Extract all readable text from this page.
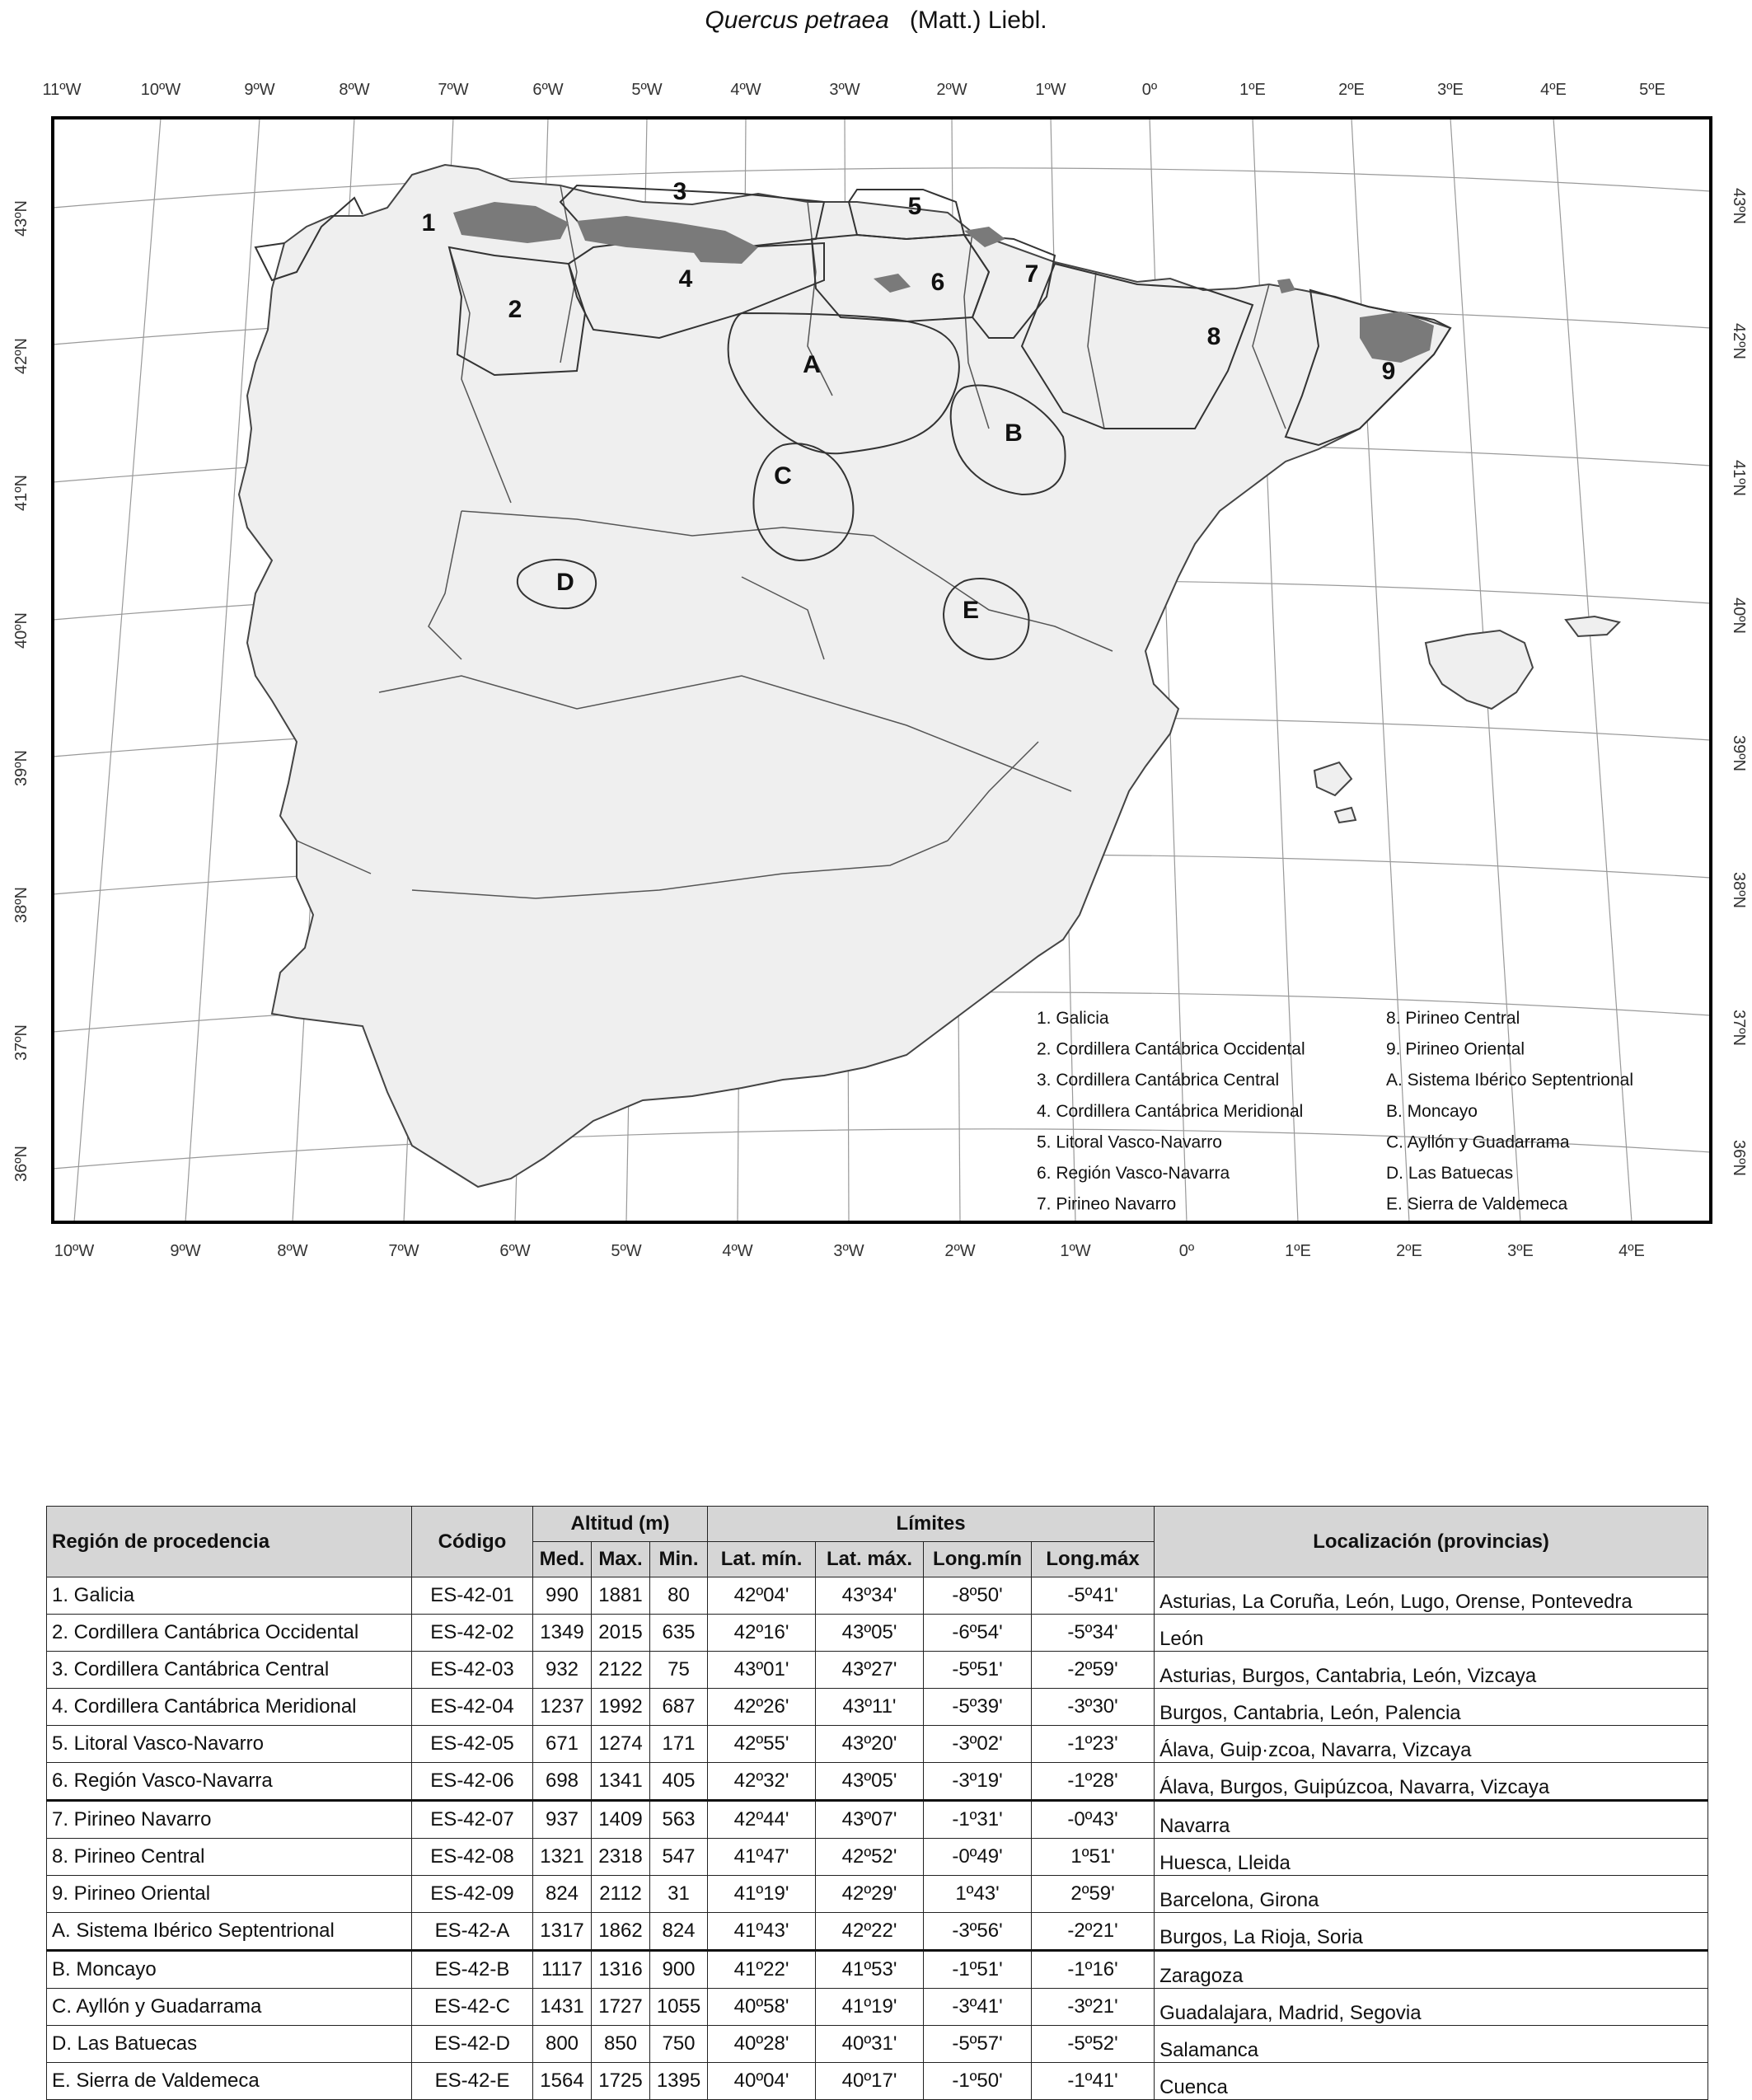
Quercus petraea (Matt.) Liebl.
1
2
3
4
5
6	7
8
9
A
B
C
D
E
11ºW	10ºW	9ºW	8ºW	7ºW	6ºW	5ºW	4ºW	3ºW	2ºW	1ºW	0º	1ºE	2ºE	3ºE	4ºE	5ºE
10ºW	9ºW	8ºW	7ºW	6ºW	5ºW	4ºW	3ºW	2ºW	1ºW	0º	1ºE	2ºE	3ºE	4ºE
43ºN
42ºN
41ºN
40ºN
39ºN
38ºN
37ºN
36ºN
43ºN
42ºN
41ºN
40ºN
39ºN
38ºN
37ºN
36ºN
1. Galicia
2. Cordillera Cantábrica Occidental
3. Cordillera Cantábrica Central
4. Cordillera Cantábrica Meridional
5. Litoral Vasco-Navarro
6. Región Vasco-Navarra
7. Pirineo Navarro
8. Pirineo Central
9. Pirineo Oriental
A. Sistema Ibérico Septentrional
B. Moncayo
C. Ayllón y Guadarrama
D. Las Batuecas
E. Sierra de Valdemeca
Región de procedencia	Código	Altitud (m)			Límites				Localización (provincias)
		Med.	Max.	Min.	Lat. mín.	Lat. máx.	Long.mín	Long.máx	
1. Galicia	ES-42-01	990	1881	80	42º04'	43º34'	-8º50'	-5º41'	Asturias, La Coruña, León, Lugo, Orense, Pontevedra
2. Cordillera Cantábrica Occidental	ES-42-02	1349	2015	635	42º16'	43º05'	-6º54'	-5º34'	León
3. Cordillera Cantábrica Central	ES-42-03	932	2122	75	43º01'	43º27'	-5º51'	-2º59'	Asturias, Burgos, Cantabria, León, Vizcaya
4. Cordillera Cantábrica Meridional	ES-42-04	1237	1992	687	42º26'	43º11'	-5º39'	-3º30'	Burgos, Cantabria, León, Palencia
5. Litoral Vasco-Navarro	ES-42-05	671	1274	171	42º55'	43º20'	-3º02'	-1º23'	Álava, Guip·zcoa, Navarra, Vizcaya
6. Región Vasco-Navarra	ES-42-06	698	1341	405	42º32'	43º05'	-3º19'	-1º28'	Álava, Burgos, Guipúzcoa, Navarra, Vizcaya
7. Pirineo Navarro	ES-42-07	937	1409	563	42º44'	43º07'	-1º31'	-0º43'	Navarra
8. Pirineo Central	ES-42-08	1321	2318	547	41º47'	42º52'	-0º49'	1º51'	Huesca, Lleida
9. Pirineo Oriental	ES-42-09	824	2112	31	41º19'	42º29'	1º43'	2º59'	Barcelona, Girona
A. Sistema Ibérico Septentrional	ES-42-A	1317	1862	824	41º43'	42º22'	-3º56'	-2º21'	Burgos, La Rioja, Soria
B. Moncayo	ES-42-B	1117	1316	900	41º22'	41º53'	-1º51'	-1º16'	Zaragoza
C. Ayllón y Guadarrama	ES-42-C	1431	1727	1055	40º58'	41º19'	-3º41'	-3º21'	Guadalajara, Madrid, Segovia
D. Las Batuecas	ES-42-D	800	850	750	40º28'	40º31'	-5º57'	-5º52'	Salamanca
E. Sierra de Valdemeca	ES-42-E	1564	1725	1395	40º04'	40º17'	-1º50'	-1º41'	Cuenca
